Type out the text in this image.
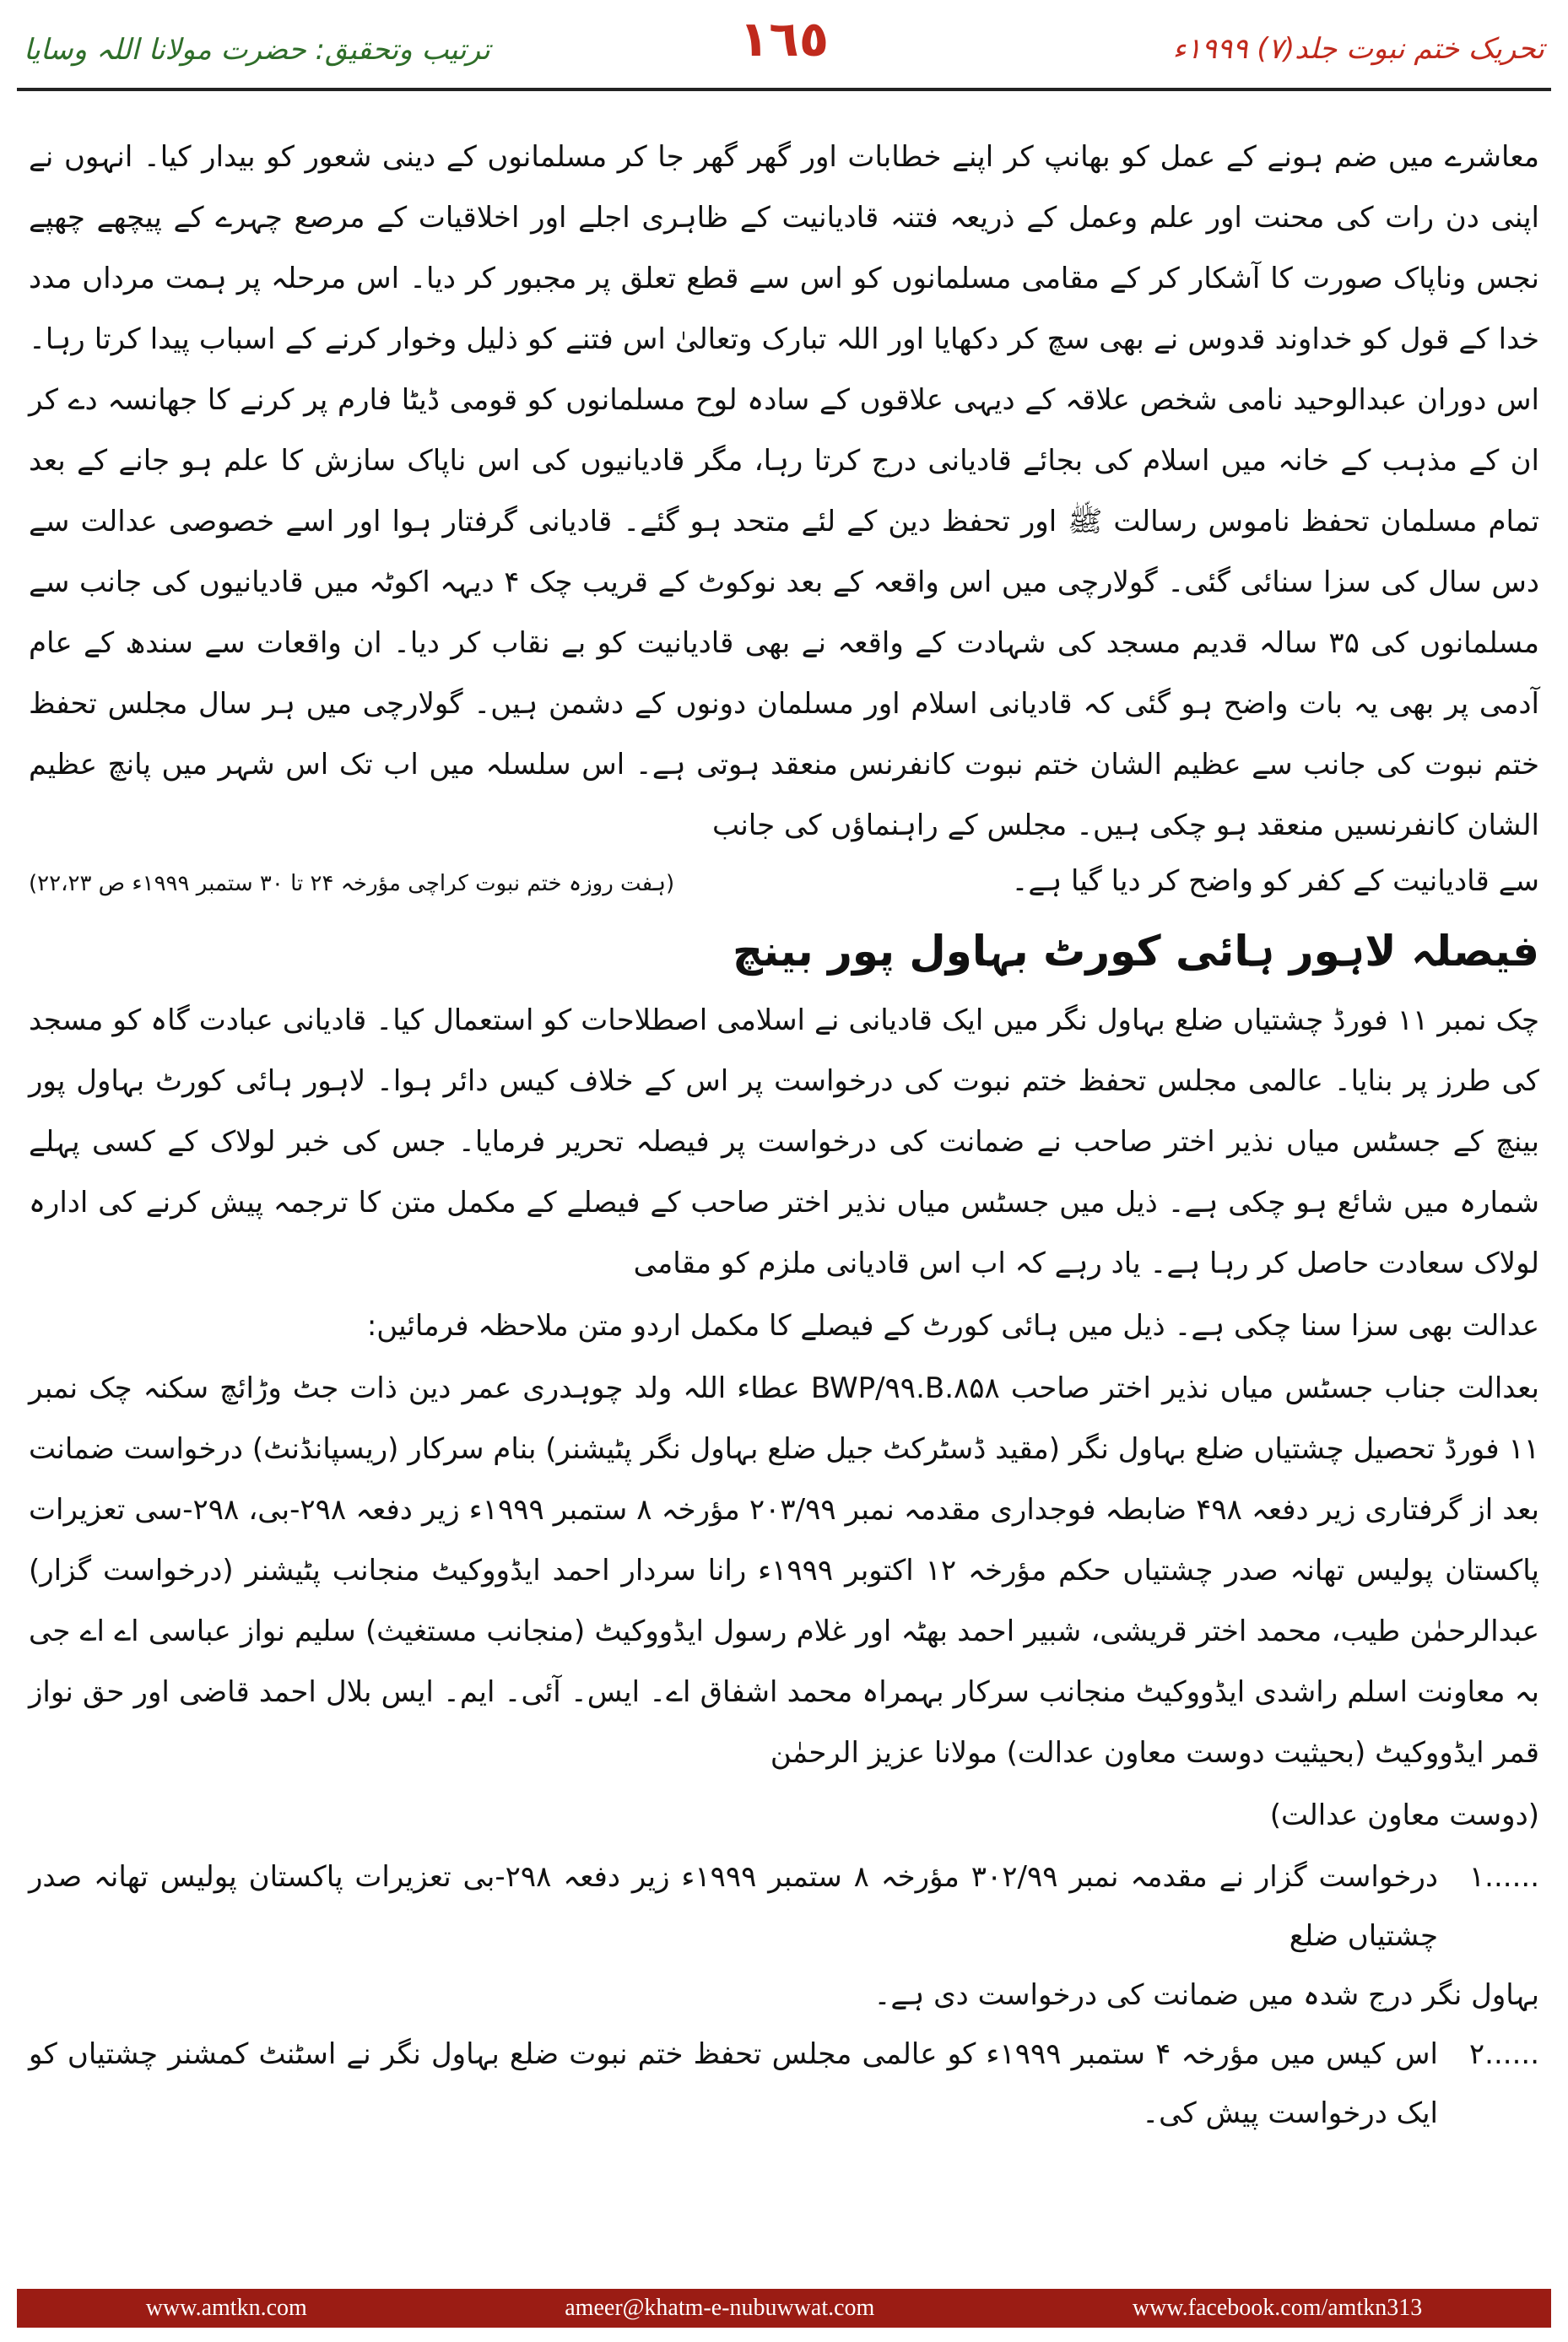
ترتیب وتحقیق: حضرت مولانا اللہ وسایا	١٦٥	تحریک ختم نبوت جلد(۷) ۱۹۹۹ء

معاشرے میں ضم ہونے کے عمل کو بھانپ کر اپنے خطابات اور گھر گھر جا کر مسلمانوں کے دینی شعور کو بیدار کیا۔ انہوں نے اپنی دن رات کی محنت اور علم وعمل کے ذریعہ فتنہ قادیانیت کے ظاہری اجلے اور اخلاقیات کے مرصع چہرے کے پیچھے چھپے نجس وناپاک صورت کا آشکار کر کے مقامی مسلمانوں کو اس سے قطع تعلق پر مجبور کر دیا۔ اس مرحلہ پر ہمت مرداں مدد خدا کے قول کو خداوند قدوس نے بھی سچ کر دکھایا اور اللہ تبارک وتعالیٰ اس فتنے کو ذلیل وخوار کرنے کے اسباب پیدا کرتا رہا۔ اس دوران عبدالوحید نامی شخص علاقہ کے دیہی علاقوں کے سادہ لوح مسلمانوں کو قومی ڈیٹا فارم پر کرنے کا جھانسہ دے کر ان کے مذہب کے خانہ میں اسلام کی بجائے قادیانی درج کرتا رہا، مگر قادیانیوں کی اس ناپاک سازش کا علم ہو جانے کے بعد تمام مسلمان تحفظ ناموس رسالت ﷺ اور تحفظ دین کے لئے متحد ہو گئے۔ قادیانی گرفتار ہوا اور اسے خصوصی عدالت سے دس سال کی سزا سنائی گئی۔ گولارچی میں اس واقعہ کے بعد نوکوٹ کے قریب چک ۴ دیہہ اکوٹہ میں قادیانیوں کی جانب سے مسلمانوں کی ۳۵ سالہ قدیم مسجد کی شہادت کے واقعہ نے بھی قادیانیت کو بے نقاب کر دیا۔ ان واقعات سے سندھ کے عام آدمی پر بھی یہ بات واضح ہو گئی کہ قادیانی اسلام اور مسلمان دونوں کے دشمن ہیں۔ گولارچی میں ہر سال مجلس تحفظ ختم نبوت کی جانب سے عظیم الشان ختم نبوت کانفرنس منعقد ہوتی ہے۔ اس سلسلہ میں اب تک اس شہر میں پانچ عظیم الشان کانفرنسیں منعقد ہو چکی ہیں۔ مجلس کے راہنماؤں کی جانب

سے قادیانیت کے کفر کو واضح کر دیا گیا ہے۔
(ہفت روزہ ختم نبوت کراچی مؤرخہ ۲۴ تا ۳۰ ستمبر ۱۹۹۹ء ص ۲۲،۲۳)
فیصلہ لاہور ہائی کورٹ بہاول پور بینچ

چک نمبر ۱۱ فورڈ چشتیاں ضلع بہاول نگر میں ایک قادیانی نے اسلامی اصطلاحات کو استعمال کیا۔ قادیانی عبادت گاہ کو مسجد کی طرز پر بنایا۔ عالمی مجلس تحفظ ختم نبوت کی درخواست پر اس کے خلاف کیس دائر ہوا۔ لاہور ہائی کورٹ بہاول پور بینچ کے جسٹس میاں نذیر اختر صاحب نے ضمانت کی درخواست پر فیصلہ تحریر فرمایا۔ جس کی خبر لولاک کے کسی پہلے شمارہ میں شائع ہو چکی ہے۔ ذیل میں جسٹس میاں نذیر اختر صاحب کے فیصلے کے مکمل متن کا ترجمہ پیش کرنے کی ادارہ لولاک سعادت حاصل کر رہا ہے۔ یاد رہے کہ اب اس قادیانی ملزم کو مقامی

عدالت بھی سزا سنا چکی ہے۔ ذیل میں ہائی کورٹ کے فیصلے کا مکمل اردو متن ملاحظہ فرمائیں:

بعدالت جناب جسٹس میاں نذیر اختر صاحب BWP/۹۹.B.۸۵۸ عطاء اللہ ولد چوہدری عمر دین ذات جٹ وڑائچ سکنہ چک نمبر ۱۱ فورڈ تحصیل چشتیاں ضلع بہاول نگر (مقید ڈسٹرکٹ جیل ضلع بہاول نگر پٹیشنر) بنام سرکار (ریسپانڈنٹ) درخواست ضمانت بعد از گرفتاری زیر دفعہ ۴۹۸ ضابطہ فوجداری مقدمہ نمبر ۲۰۳/۹۹ مؤرخہ ۸ ستمبر ۱۹۹۹ء زیر دفعہ ۲۹۸-بی، ۲۹۸-سی تعزیرات پاکستان پولیس تھانہ صدر چشتیاں حکم مؤرخہ ۱۲ اکتوبر ۱۹۹۹ء رانا سردار احمد ایڈووکیٹ منجانب پٹیشنر (درخواست گزار) عبدالرحمٰن طیب، محمد اختر قریشی، شبیر احمد بھٹہ اور غلام رسول ایڈووکیٹ (منجانب مستغیث) سلیم نواز عباسی اے اے جی بہ معاونت اسلم راشدی ایڈووکیٹ منجانب سرکار بہمراہ محمد اشفاق اے۔ ایس۔ آئی۔ ایم۔ ایس بلال احمد قاضی اور حق نواز قمر ایڈووکیٹ (بحیثیت دوست معاون عدالت) مولانا عزیز الرحمٰن

(دوست معاون عدالت)
۱......
درخواست گزار نے مقدمہ نمبر ۳۰۲/۹۹ مؤرخہ ۸ ستمبر ۱۹۹۹ء زیر دفعہ ۲۹۸-بی تعزیرات پاکستان پولیس تھانہ صدر چشتیاں ضلع
بہاول نگر درج شدہ میں ضمانت کی درخواست دی ہے۔
۲......
اس کیس میں مؤرخہ ۴ ستمبر ۱۹۹۹ء کو عالمی مجلس تحفظ ختم نبوت ضلع بہاول نگر نے اسٹنٹ کمشنر چشتیاں کو ایک درخواست پیش کی۔
www.amtkn.com	ameer@khatm-e-nubuwwat.com	www.facebook.com/amtkn313
